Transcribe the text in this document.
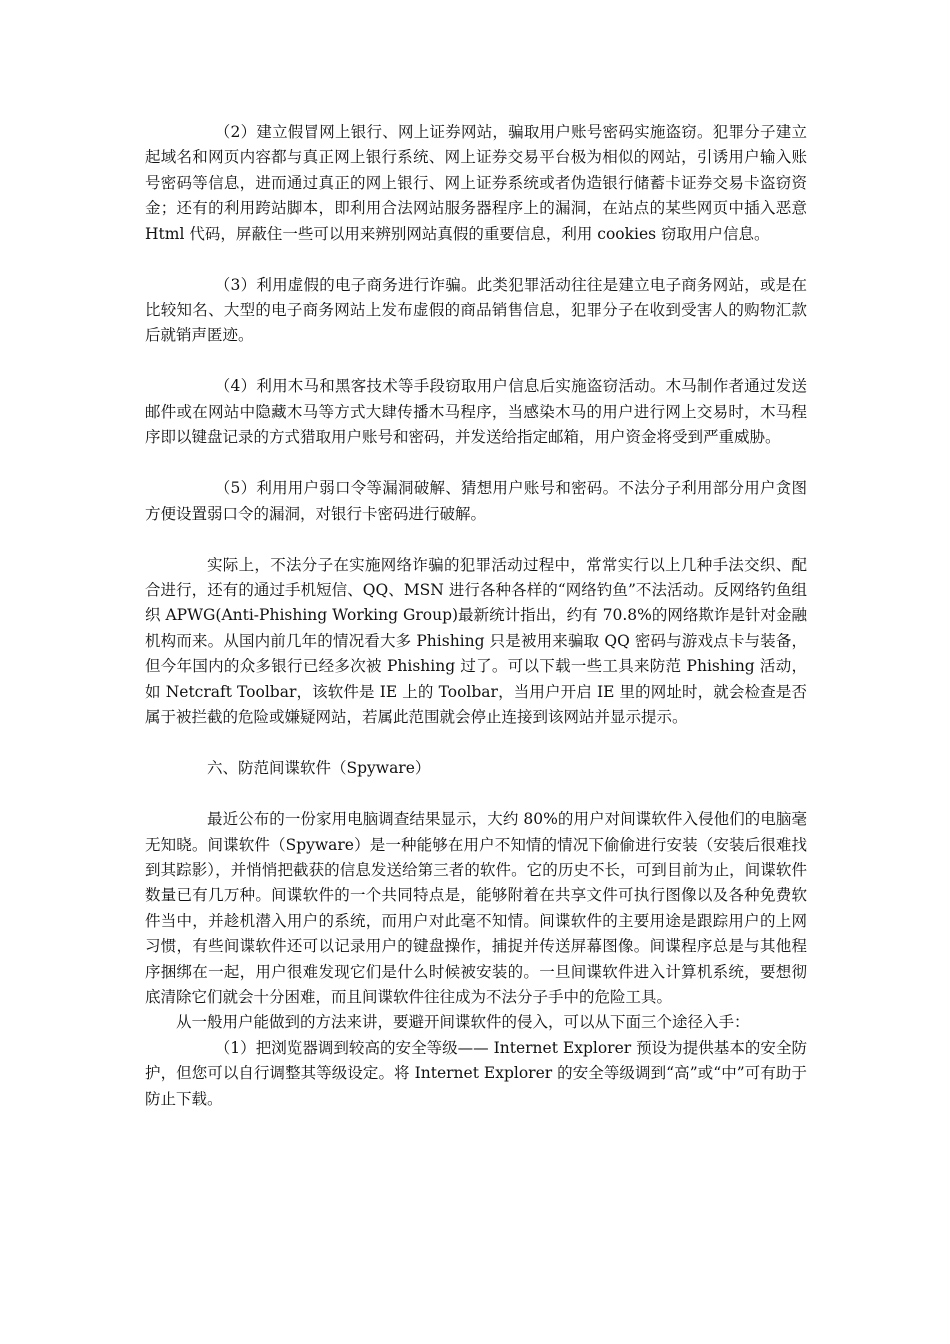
（2）建立假冒网上银行、网上证券网站，骗取用户账号密码实施盗窃。犯罪分子建立起域名和网页内容都与真正网上银行系统、网上证券交易平台极为相似的网站，引诱用户输入账号密码等信息，进而通过真正的网上银行、网上证券系统或者伪造银行储蓄卡证券交易卡盗窃资金；还有的利用跨站脚本，即利用合法网站服务器程序上的漏洞，在站点的某些网页中插入恶意 Html 代码，屏蔽住一些可以用来辨别网站真假的重要信息，利用 cookies 窃取用户信息。

（3）利用虚假的电子商务进行诈骗。此类犯罪活动往往是建立电子商务网站，或是在比较知名、大型的电子商务网站上发布虚假的商品销售信息，犯罪分子在收到受害人的购物汇款后就销声匿迹。

（4）利用木马和黑客技术等手段窃取用户信息后实施盗窃活动。木马制作者通过发送邮件或在网站中隐藏木马等方式大肆传播木马程序，当感染木马的用户进行网上交易时，木马程序即以键盘记录的方式猎取用户账号和密码，并发送给指定邮箱，用户资金将受到严重威胁。

（5）利用用户弱口令等漏洞破解、猜想用户账号和密码。不法分子利用部分用户贪图方便设置弱口令的漏洞，对银行卡密码进行破解。

实际上，不法分子在实施网络诈骗的犯罪活动过程中，常常实行以上几种手法交织、配合进行，还有的通过手机短信、QQ、MSN 进行各种各样的“网络钓鱼”不法活动。反网络钓鱼组织 APWG(Anti-Phishing Working Group)最新统计指出，约有 70.8%的网络欺诈是针对金融机构而来。从国内前几年的情况看大多 Phishing 只是被用来骗取 QQ 密码与游戏点卡与装备，但今年国内的众多银行已经多次被 Phishing 过了。可以下载一些工具来防范 Phishing 活动，如 Netcraft Toolbar，该软件是 IE 上的 Toolbar，当用户开启 IE 里的网址时，就会检查是否属于被拦截的危险或嫌疑网站，若属此范围就会停止连接到该网站并显示提示。

六、防范间谍软件（Spyware）

最近公布的一份家用电脑调查结果显示，大约 80%的用户对间谍软件入侵他们的电脑毫无知晓。间谍软件（Spyware）是一种能够在用户不知情的情况下偷偷进行安装（安装后很难找到其踪影），并悄悄把截获的信息发送给第三者的软件。它的历史不长，可到目前为止，间谍软件数量已有几万种。间谍软件的一个共同特点是，能够附着在共享文件可执行图像以及各种免费软件当中，并趁机潜入用户的系统，而用户对此毫不知情。间谍软件的主要用途是跟踪用户的上网习惯，有些间谍软件还可以记录用户的键盘操作，捕捉并传送屏幕图像。间谍程序总是与其他程序捆绑在一起，用户很难发现它们是什么时候被安装的。一旦间谍软件进入计算机系统，要想彻底清除它们就会十分困难，而且间谍软件往往成为不法分子手中的危险工具。

从一般用户能做到的方法来讲，要避开间谍软件的侵入，可以从下面三个途径入手：

（1）把浏览器调到较高的安全等级—— Internet Explorer 预设为提供基本的安全防护，但您可以自行调整其等级设定。将 Internet Explorer 的安全等级调到“高”或“中”可有助于防止下载。
